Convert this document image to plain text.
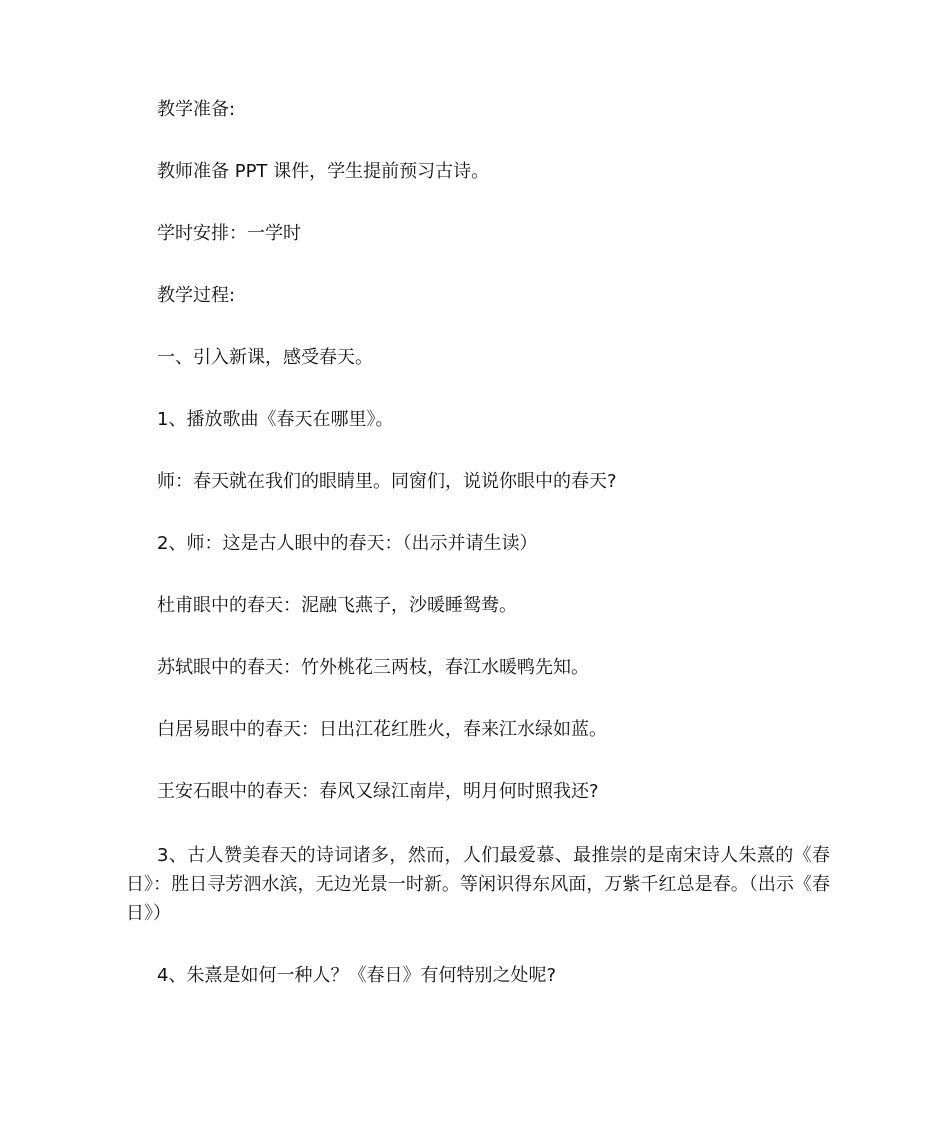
教学准备:

教师准备 PPT 课件，学生提前预习古诗。

学时安排：一学时

教学过程:

一、引入新课，感受春天。

1、播放歌曲《春天在哪里》。

师：春天就在我们的眼睛里。同窗们，说说你眼中的春天?

2、师：这是古人眼中的春天：（出示并请生读）

杜甫眼中的春天：泥融飞燕子，沙暖睡鸳鸯。

苏轼眼中的春天：竹外桃花三两枝，春江水暖鸭先知。

白居易眼中的春天：日出江花红胜火，春来江水绿如蓝。

王安石眼中的春天：春风又绿江南岸，明月何时照我还?

3、古人赞美春天的诗词诸多，然而，人们最爱慕、最推崇的是南宋诗人朱熹的《春日》：胜日寻芳泗水滨，无边光景一时新。等闲识得东风面，万紫千红总是春。（出示《春日》）

4、朱熹是如何一种人？《春日》有何特别之处呢?
